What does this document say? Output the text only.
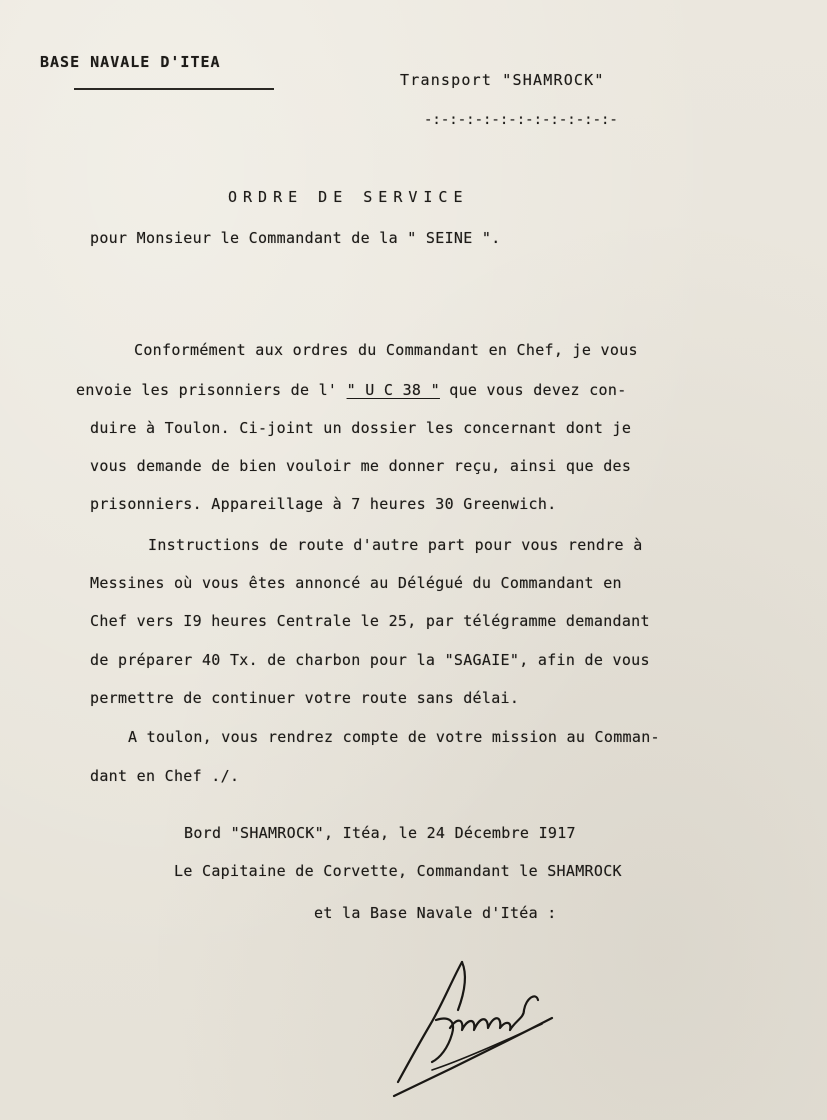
BASE NAVALE D'ITEA
Transport "SHAMROCK"
-:-:-:-:-:-:-:-:-:-:-:-
ORDRE DE SERVICE
pour Monsieur le Commandant de la " SEINE ".
Conformément aux ordres du Commandant en Chef, je vous
envoie les prisonniers de l' " U C 38 " que vous devez con-
duire à Toulon. Ci-joint un dossier les concernant dont je
vous demande de bien vouloir me donner reçu, ainsi que des
prisonniers. Appareillage à 7 heures 30 Greenwich.
Instructions de route d'autre part pour vous rendre à
Messines où vous êtes annoncé au Délégué du Commandant en
Chef vers I9 heures Centrale le 25, par télégramme demandant
de préparer 40 Tx. de charbon pour la "SAGAIE", afin de vous
permettre de continuer votre route sans délai.
A toulon, vous rendrez compte de votre mission au Comman-
dant en Chef ./.
Bord "SHAMROCK", Itéa, le 24 Décembre I917
Le Capitaine de Corvette, Commandant le SHAMROCK
et la Base Navale d'Itéa :
